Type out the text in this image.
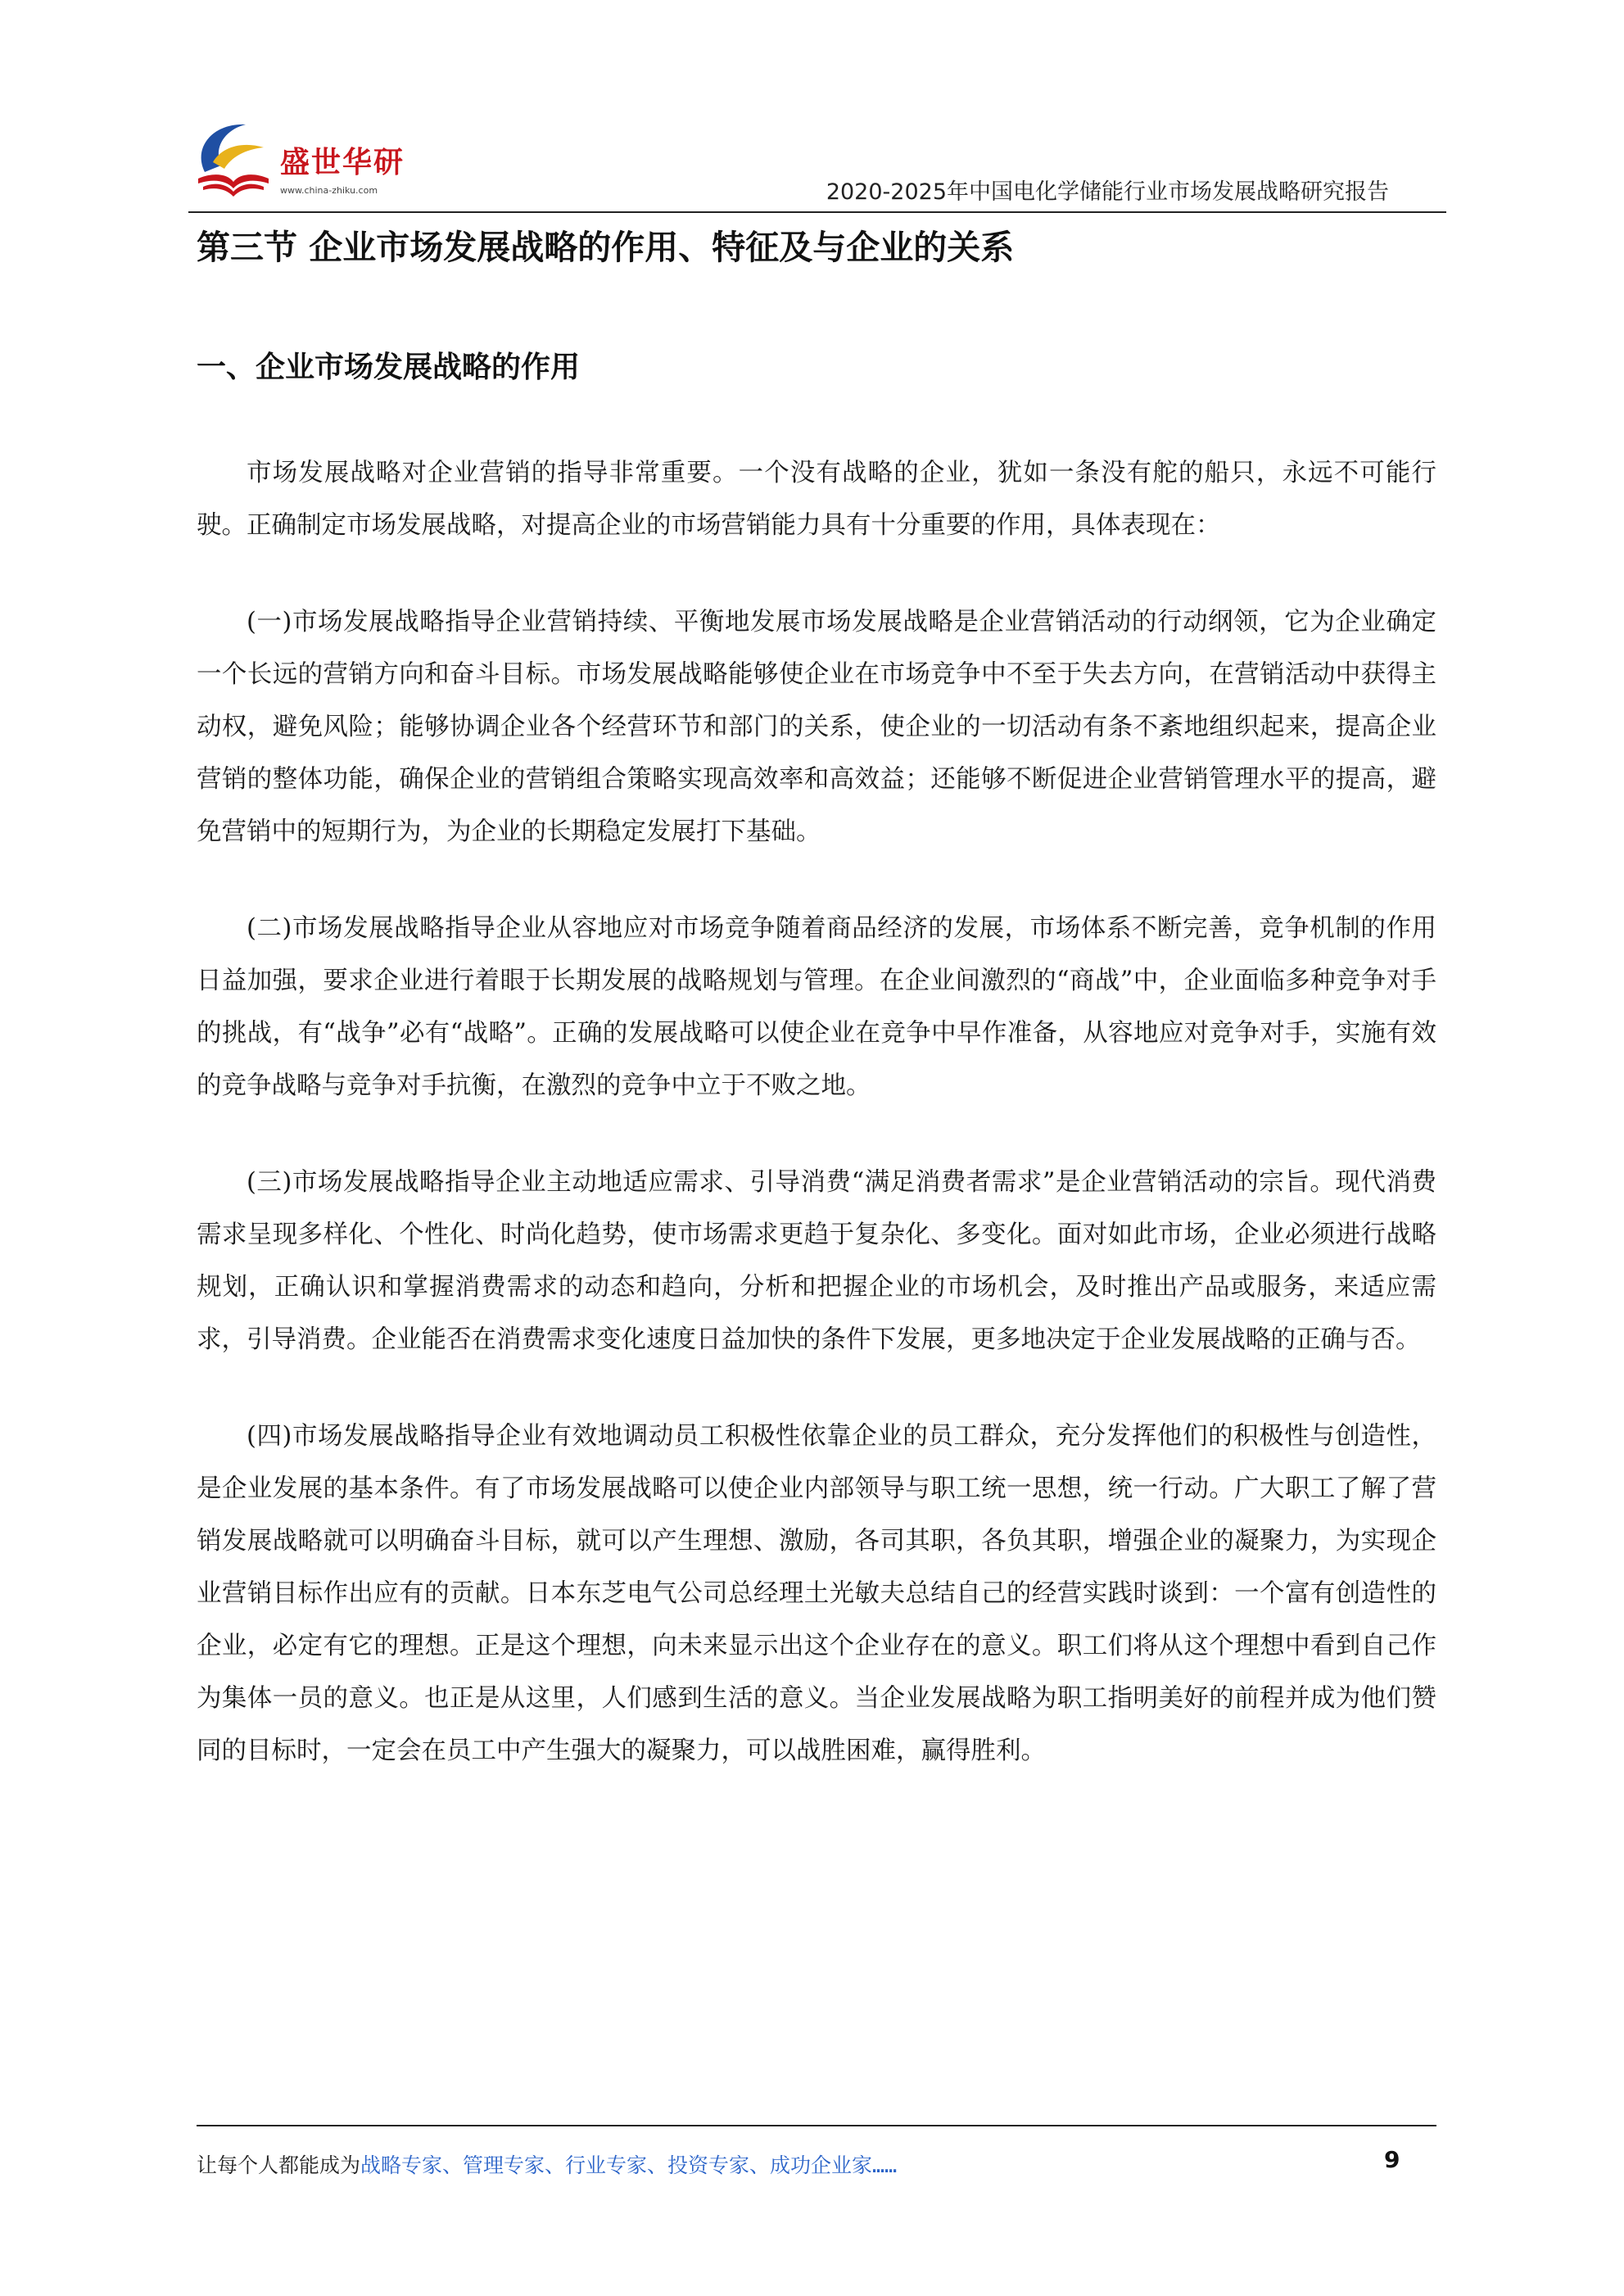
盛世华研
www.china-zhiku.com	2020-2025年中国电化学储能行业市场发展战略研究报告
第三节 企业市场发展战略的作用、特征及与企业的关系
一、企业市场发展战略的作用

市场发展战略对企业营销的指导非常重要。一个没有战略的企业，犹如一条没有舵的船只，永远不可能行驶。正确制定市场发展战略，对提高企业的市场营销能力具有十分重要的作用，具体表现在：

(一)市场发展战略指导企业营销持续、平衡地发展市场发展战略是企业营销活动的行动纲领，它为企业确定一个长远的营销方向和奋斗目标。市场发展战略能够使企业在市场竞争中不至于失去方向，在营销活动中获得主动权，避免风险；能够协调企业各个经营环节和部门的关系，使企业的一切活动有条不紊地组织起来，提高企业营销的整体功能，确保企业的营销组合策略实现高效率和高效益；还能够不断促进企业营销管理水平的提高，避免营销中的短期行为，为企业的长期稳定发展打下基础。

(二)市场发展战略指导企业从容地应对市场竞争随着商品经济的发展，市场体系不断完善，竞争机制的作用日益加强，要求企业进行着眼于长期发展的战略规划与管理。在企业间激烈的“商战”中，企业面临多种竞争对手的挑战，有“战争”必有“战略”。正确的发展战略可以使企业在竞争中早作准备，从容地应对竞争对手，实施有效的竞争战略与竞争对手抗衡，在激烈的竞争中立于不败之地。

(三)市场发展战略指导企业主动地适应需求、引导消费“满足消费者需求”是企业营销活动的宗旨。现代消费需求呈现多样化、个性化、时尚化趋势，使市场需求更趋于复杂化、多变化。面对如此市场，企业必须进行战略规划，正确认识和掌握消费需求的动态和趋向，分析和把握企业的市场机会，及时推出产品或服务，来适应需求，引导消费。企业能否在消费需求变化速度日益加快的条件下发展，更多地决定于企业发展战略的正确与否。

(四)市场发展战略指导企业有效地调动员工积极性依靠企业的员工群众，充分发挥他们的积极性与创造性，是企业发展的基本条件。有了市场发展战略可以使企业内部领导与职工统一思想，统一行动。广大职工了解了营销发展战略就可以明确奋斗目标，就可以产生理想、激励，各司其职，各负其职，增强企业的凝聚力，为实现企业营销目标作出应有的贡献。日本东芝电气公司总经理土光敏夫总结自己的经营实践时谈到：一个富有创造性的企业，必定有它的理想。正是这个理想，向未来显示出这个企业存在的意义。职工们将从这个理想中看到自己作为集体一员的意义。也正是从这里，人们感到生活的意义。当企业发展战略为职工指明美好的前程并成为他们赞同的目标时，一定会在员工中产生强大的凝聚力，可以战胜困难，赢得胜利。

让每个人都能成为战略专家、管理专家、行业专家、投资专家、成功企业家……	9
